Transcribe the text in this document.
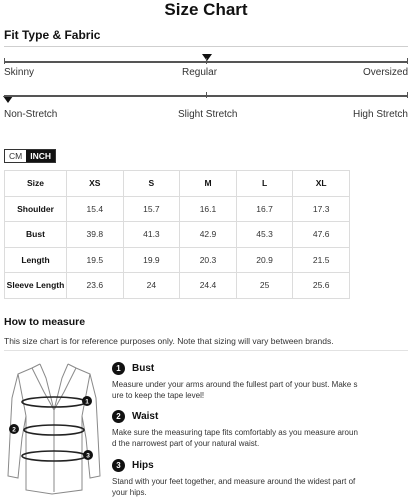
Size Chart
Fit Type & Fabric
Skinny	Regular	Oversized
Non-Stretch	Slight Stretch	High Stretch
CM INCH
Size	XS	S	M	L	XL
Shoulder	15.4	15.7	16.1	16.7	17.3
Bust	39.8	41.3	42.9	45.3	47.6
Length	19.5	19.9	20.3	20.9	21.5
Sleeve Length	23.6	24	24.4	25	25.6
How to measure
This size chart is for reference purposes only. Note that sizing will vary between brands.
1
2
3
1	Bust
Measure under your arms around the fullest part of your bust. Make s
ure to keep the tape level!
2	Waist
Make sure the measuring tape fits comfortably as you measure aroun
d the narrowest part of your natural waist.
3	Hips
Stand with your feet together, and measure around the widest part of
your hips.
